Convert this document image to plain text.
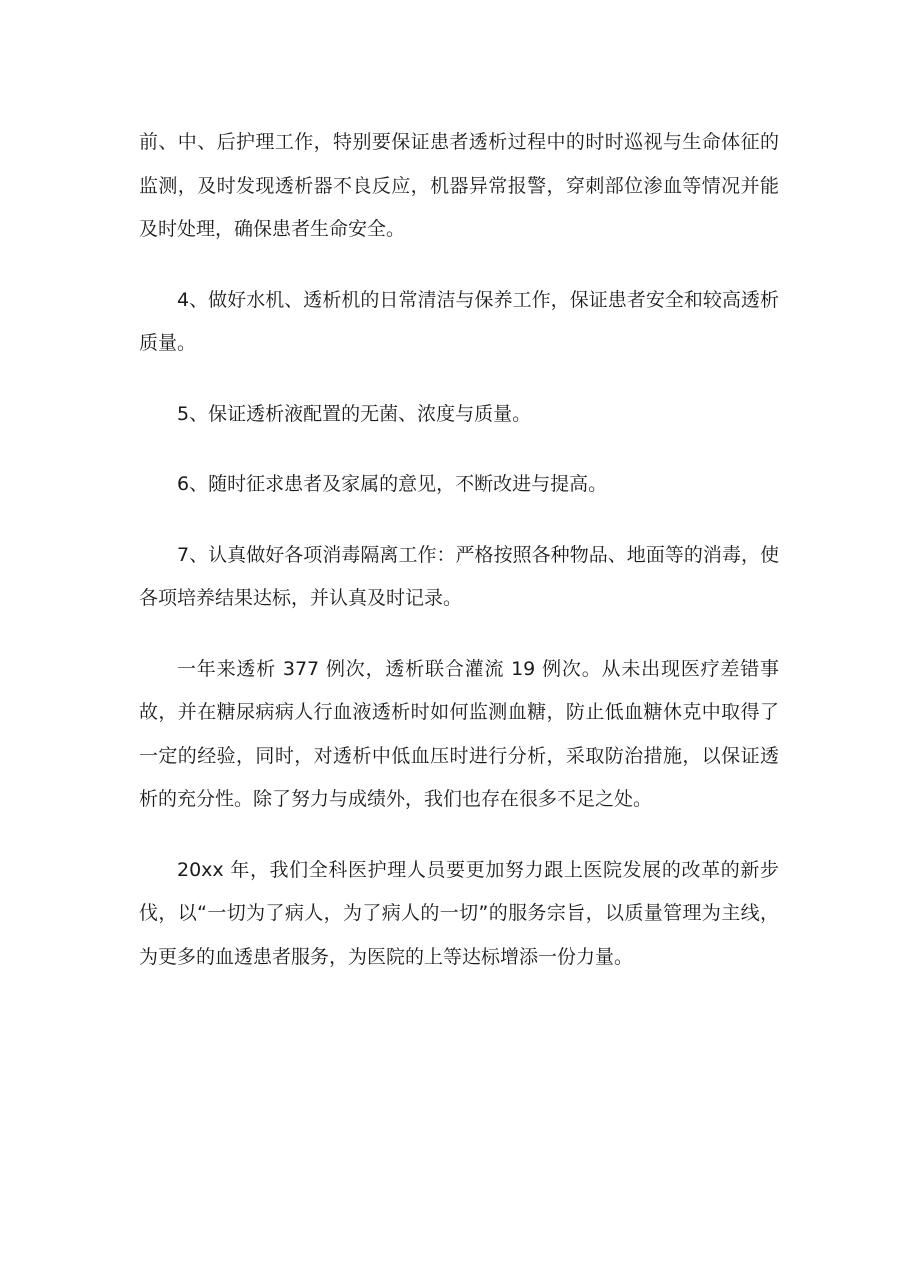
前、中、后护理工作，特别要保证患者透析过程中的时时巡视与生命体征的监测，及时发现透析器不良反应，机器异常报警，穿刺部位渗血等情况并能及时处理，确保患者生命安全。

4、做好水机、透析机的日常清洁与保养工作，保证患者安全和较高透析质量。

5、保证透析液配置的无菌、浓度与质量。

6、随时征求患者及家属的意见，不断改进与提高。

7、认真做好各项消毒隔离工作：严格按照各种物品、地面等的消毒，使各项培养结果达标，并认真及时记录。

一年来透析 377 例次，透析联合灌流 19 例次。从未出现医疗差错事故，并在糖尿病病人行血液透析时如何监测血糖，防止低血糖休克中取得了一定的经验，同时，对透析中低血压时进行分析，采取防治措施，以保证透析的充分性。除了努力与成绩外，我们也存在很多不足之处。

20xx 年，我们全科医护理人员要更加努力跟上医院发展的改革的新步伐，以“一切为了病人，为了病人的一切”的服务宗旨，以质量管理为主线，为更多的血透患者服务，为医院的上等达标增添一份力量。
